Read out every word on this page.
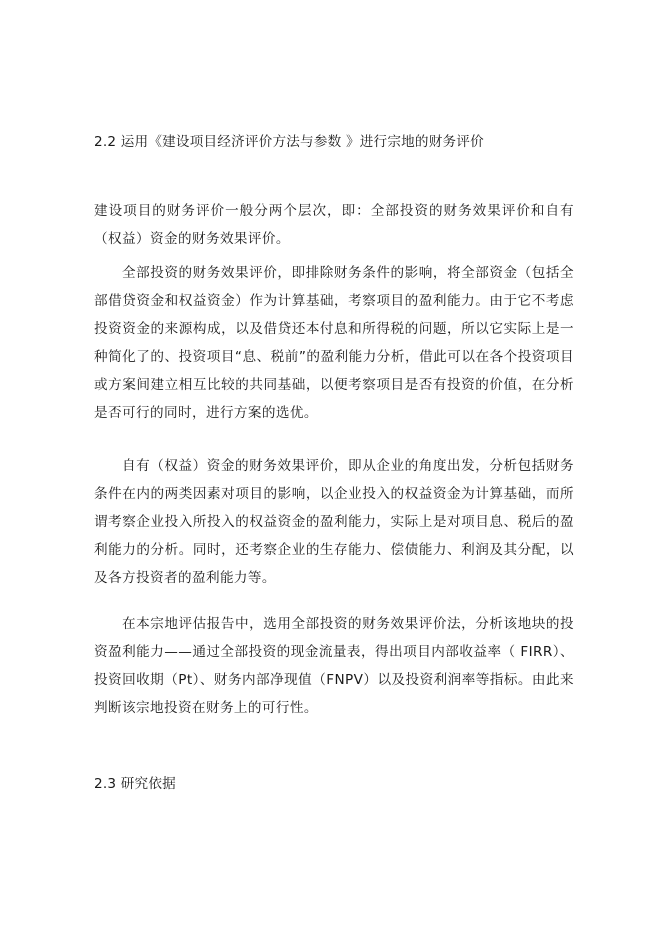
2.2 运用《建设项目经济评价方法与参数 》进行宗地的财务评价

建设项目的财务评价一般分两个层次，即：全部投资的财务效果评价和自有（权益）资金的财务效果评价。

全部投资的财务效果评价，即排除财务条件的影响，将全部资金（包括全部借贷资金和权益资金）作为计算基础，考察项目的盈利能力。由于它不考虑投资资金的来源构成，以及借贷还本付息和所得税的问题，所以它实际上是一种简化了的、投资项目“息、税前”的盈利能力分析，借此可以在各个投资项目或方案间建立相互比较的共同基础，以便考察项目是否有投资的价值，在分析是否可行的同时，进行方案的选优。

自有（权益）资金的财务效果评价，即从企业的角度出发，分析包括财务条件在内的两类因素对项目的影响，以企业投入的权益资金为计算基础，而所谓考察企业投入所投入的权益资金的盈利能力，实际上是对项目息、税后的盈利能力的分析。同时，还考察企业的生存能力、偿债能力、利润及其分配，以及各方投资者的盈利能力等。

在本宗地评估报告中，选用全部投资的财务效果评价法，分析该地块的投资盈利能力——通过全部投资的现金流量表，得出项目内部收益率（ FIRR）、投资回收期（Pt）、财务内部净现值（FNPV）以及投资利润率等指标。由此来判断该宗地投资在财务上的可行性。

2.3 研究依据
